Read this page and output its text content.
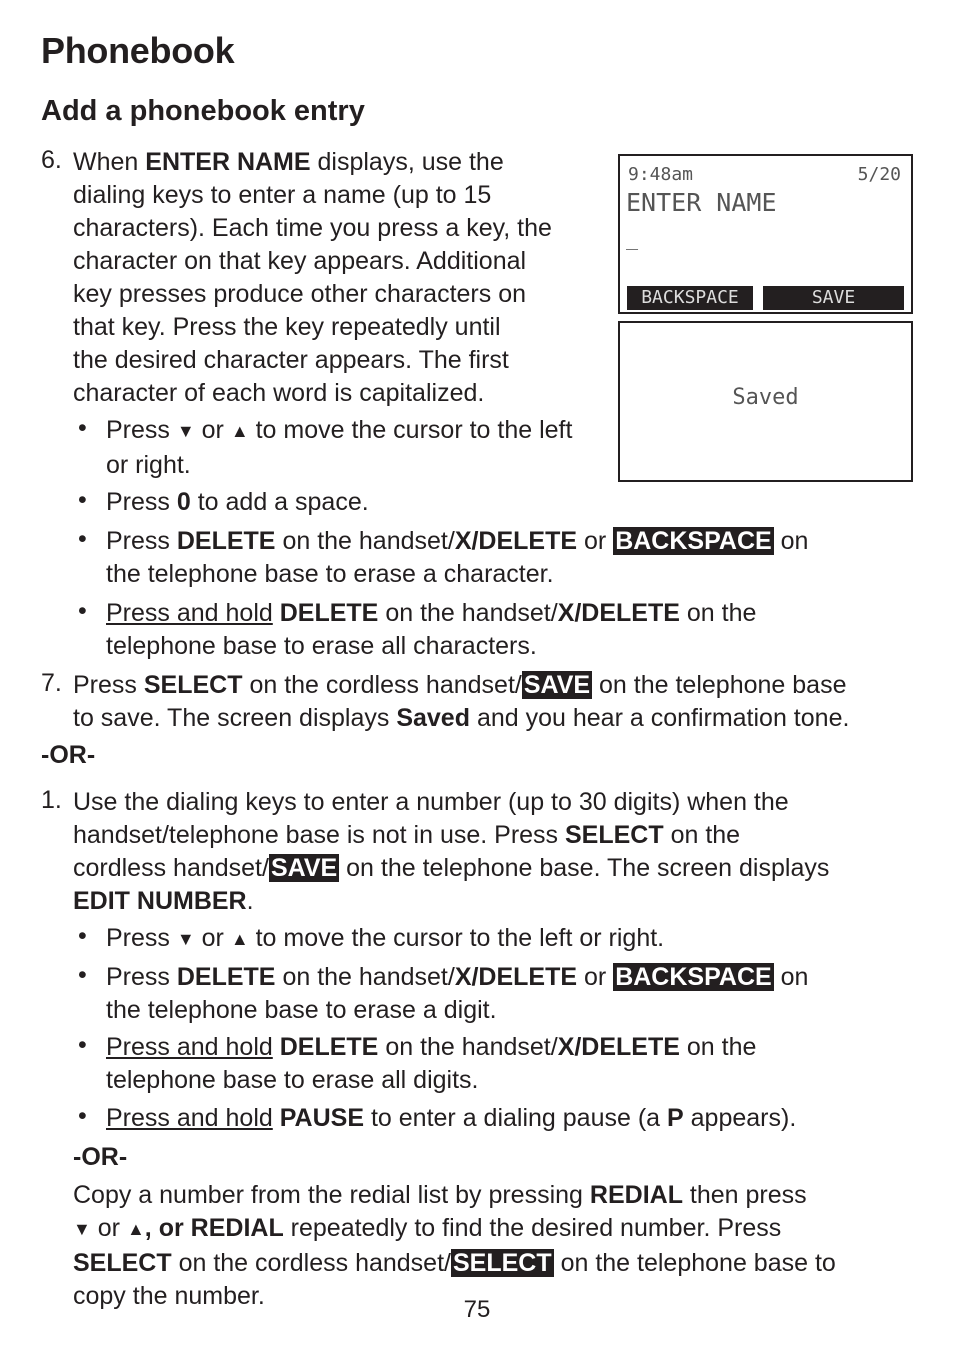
Phonebook
Add a phonebook entry
9:48am	5/20
ENTER NAME
_
BACKSPACE	SAVE
Saved
6. When ENTER NAME displays, use the
dialing keys to enter a name (up to 15
characters). Each time you press a key, the
character on that key appears. Additional
key presses produce other characters on
that key. Press the key repeatedly until
the desired character appears. The first
character of each word is capitalized.
• Press ▼ or ▲ to move the cursor to the left
or right.
• Press 0 to add a space.
• Press DELETE on the handset/X/DELETE or BACKSPACE on
the telephone base to erase a character.
• Press and hold DELETE on the handset/X/DELETE on the
telephone base to erase all characters.
7. Press SELECT on the cordless handset/SAVE on the telephone base
to save. The screen displays Saved and you hear a confirmation tone.
-OR-
1. Use the dialing keys to enter a number (up to 30 digits) when the
handset/telephone base is not in use. Press SELECT on the
cordless handset/SAVE on the telephone base. The screen displays
EDIT NUMBER.
• Press ▼ or ▲ to move the cursor to the left or right.
• Press DELETE on the handset/X/DELETE or BACKSPACE on
the telephone base to erase a digit.
• Press and hold DELETE on the handset/X/DELETE on the
telephone base to erase all digits.
• Press and hold PAUSE to enter a dialing pause (a P appears).
-OR-
Copy a number from the redial list by pressing REDIAL then press
▼ or ▲, or REDIAL repeatedly to find the desired number. Press
SELECT on the cordless handset/SELECT on the telephone base to
copy the number.	75
